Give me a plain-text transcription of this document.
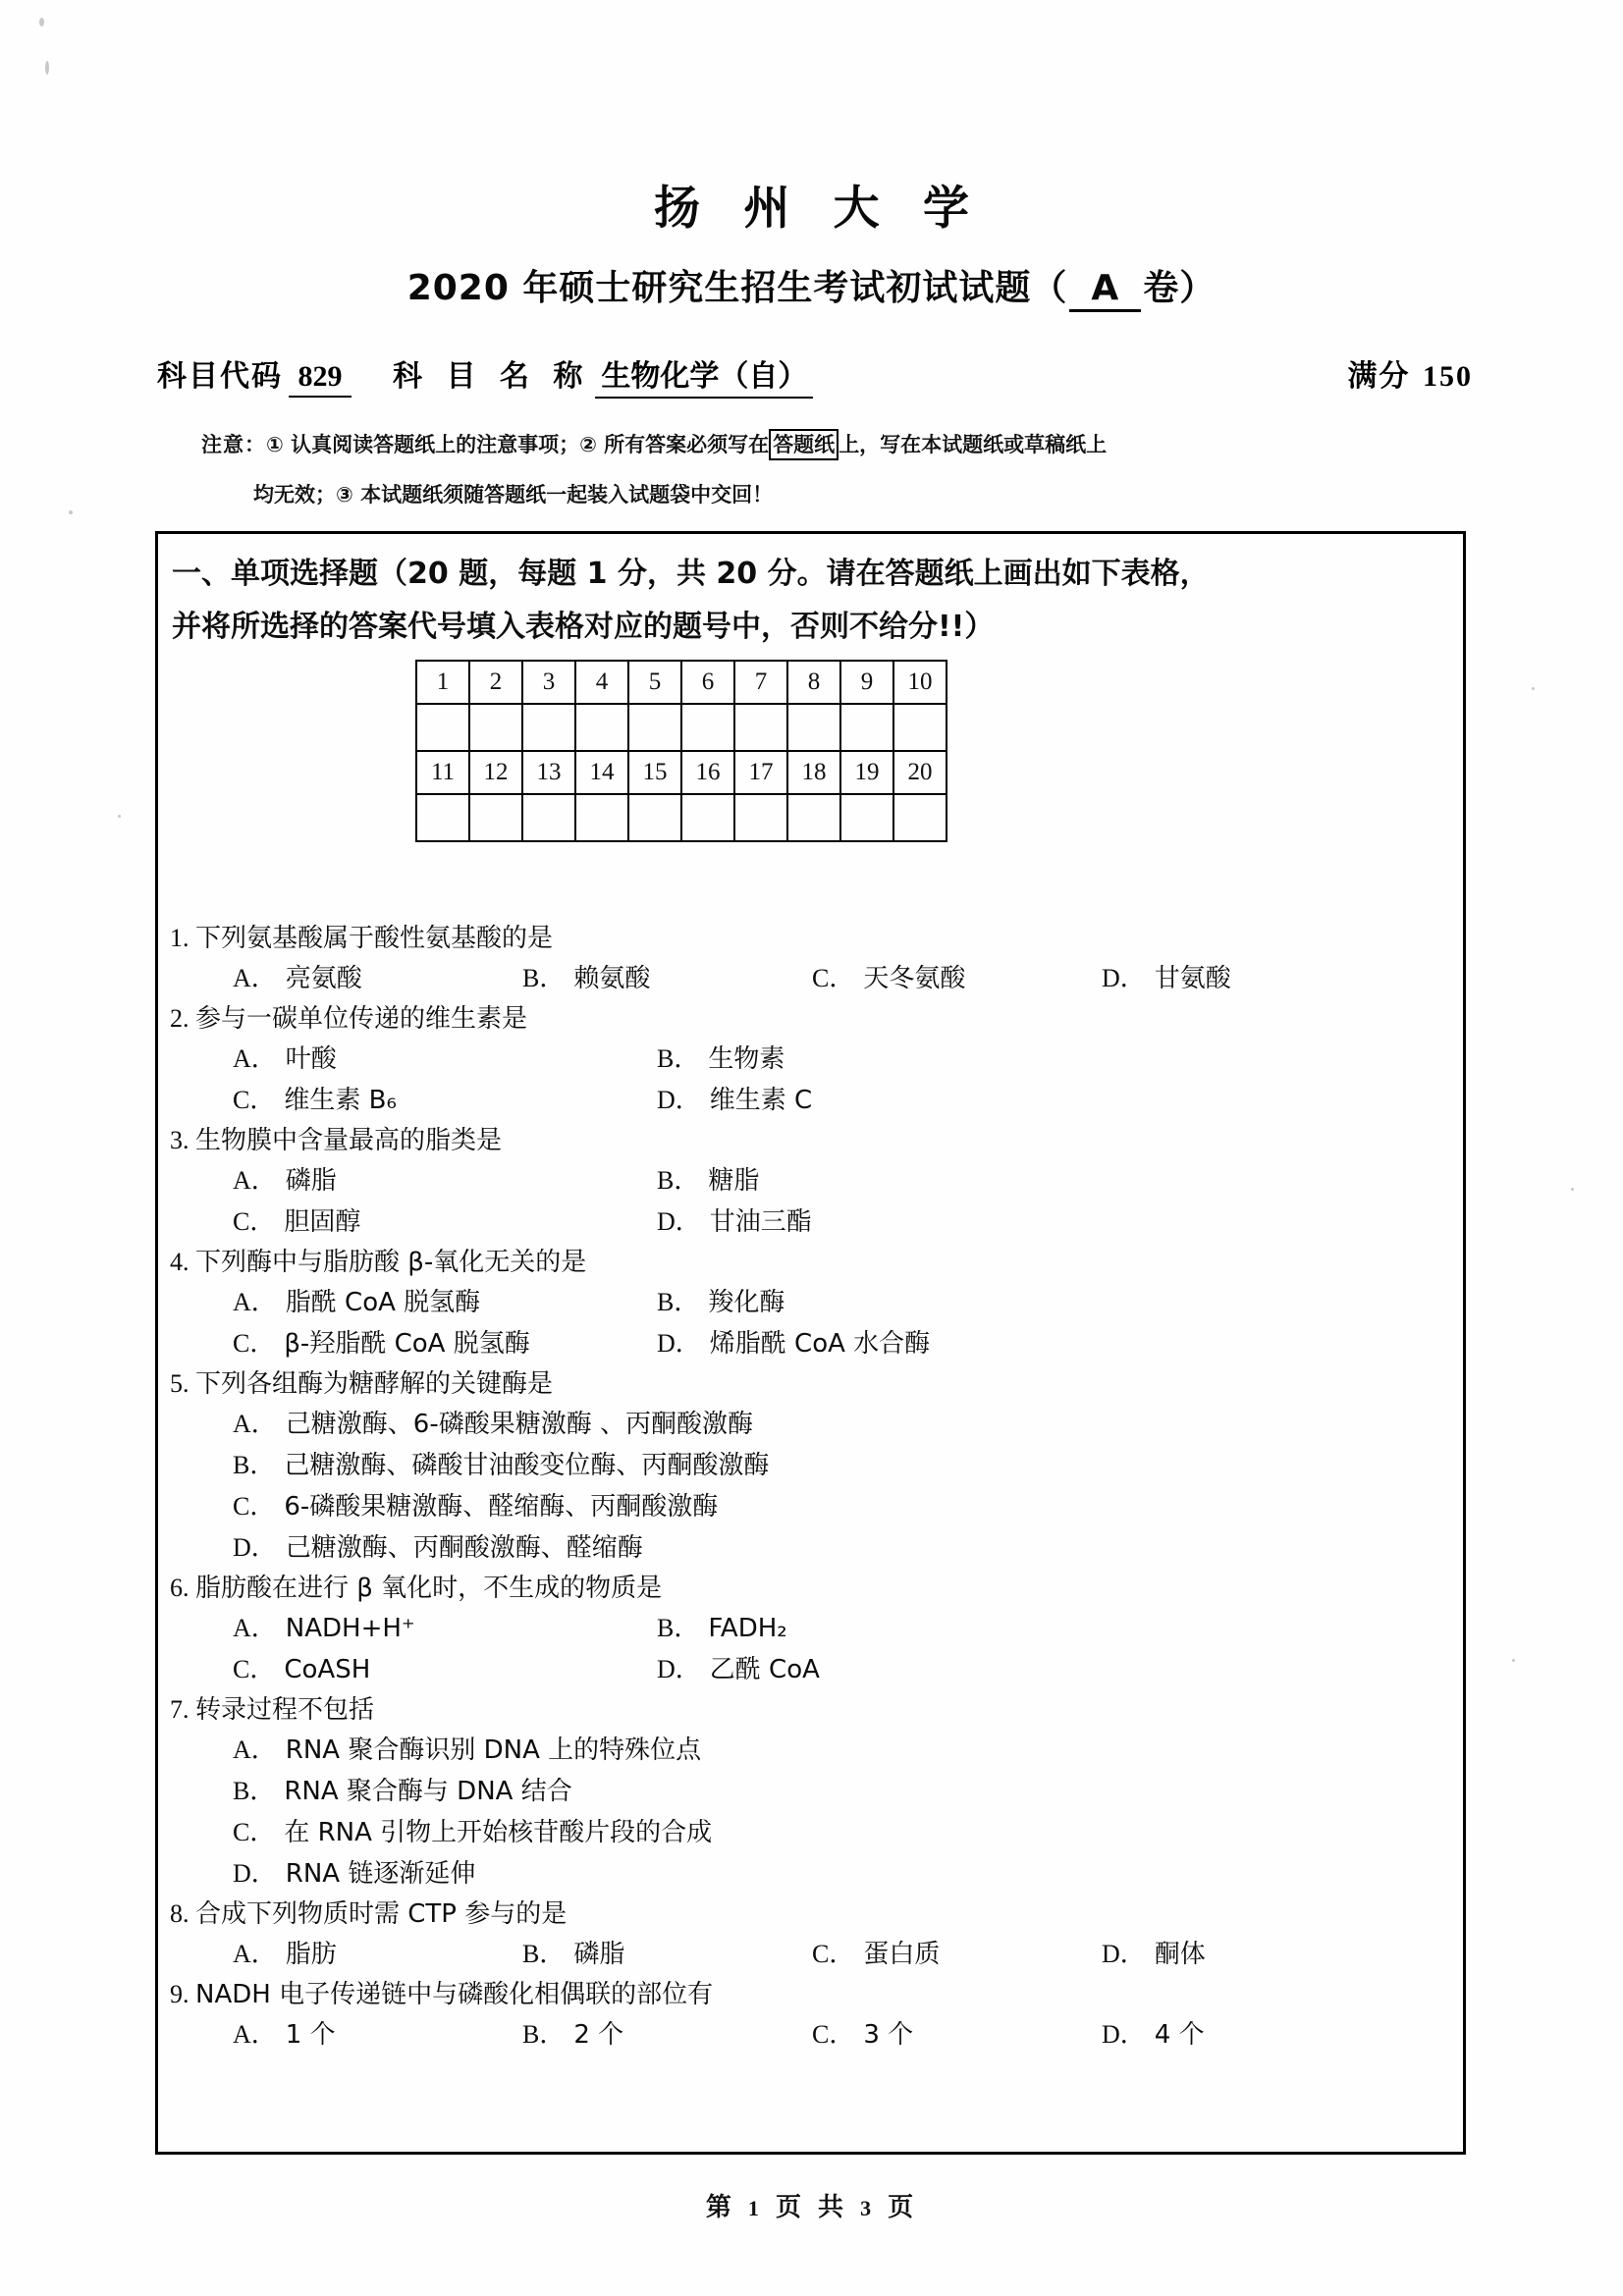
扬 州 大 学
2020 年硕士研究生招生考试初试试题（ A 卷）
科目代码 829 科 目 名 称 生物化学（自）	满分 150
注意：① 认真阅读答题纸上的注意事项；② 所有答案必须写在 答题纸 上，写在本试题纸或草稿纸上
均无效；③ 本试题纸须随答题纸一起装入试题袋中交回！
一、单项选择题（20 题，每题 1 分，共 20 分。请在答题纸上画出如下表格，
并将所选择的答案代号填入表格对应的题号中，否则不给分!!）
1	2	3	4	5	6	7	8	9	10

11	12	13	14	15	16	17	18	19	20

1. 下列氨基酸属于酸性氨基酸的是
A． 亮氨酸	B． 赖氨酸	C． 天冬氨酸	D． 甘氨酸
2. 参与一碳单位传递的维生素是
A． 叶酸	B． 生物素
C． 维生素 B₆	D． 维生素 C
3. 生物膜中含量最高的脂类是
A． 磷脂	B． 糖脂
C． 胆固醇	D． 甘油三酯
4. 下列酶中与脂肪酸 β-氧化无关的是
A． 脂酰 CoA 脱氢酶	B． 羧化酶
C． β-羟脂酰 CoA 脱氢酶	D． 烯脂酰 CoA 水合酶
5. 下列各组酶为糖酵解的关键酶是
A． 己糖激酶、6-磷酸果糖激酶 、丙酮酸激酶
B． 己糖激酶、磷酸甘油酸变位酶、丙酮酸激酶
C． 6-磷酸果糖激酶、醛缩酶、丙酮酸激酶
D． 己糖激酶、丙酮酸激酶、醛缩酶
6. 脂肪酸在进行 β 氧化时，不生成的物质是
A． NADH+H⁺	B． FADH₂
C． CoASH	D． 乙酰 CoA
7. 转录过程不包括
A． RNA 聚合酶识别 DNA 上的特殊位点
B． RNA 聚合酶与 DNA 结合
C． 在 RNA 引物上开始核苷酸片段的合成
D． RNA 链逐渐延伸
8. 合成下列物质时需 CTP 参与的是
A． 脂肪	B． 磷脂	C． 蛋白质	D． 酮体
9. NADH 电子传递链中与磷酸化相偶联的部位有
A． 1 个	B． 2 个	C． 3 个	D． 4 个
第 1 页 共 3 页
